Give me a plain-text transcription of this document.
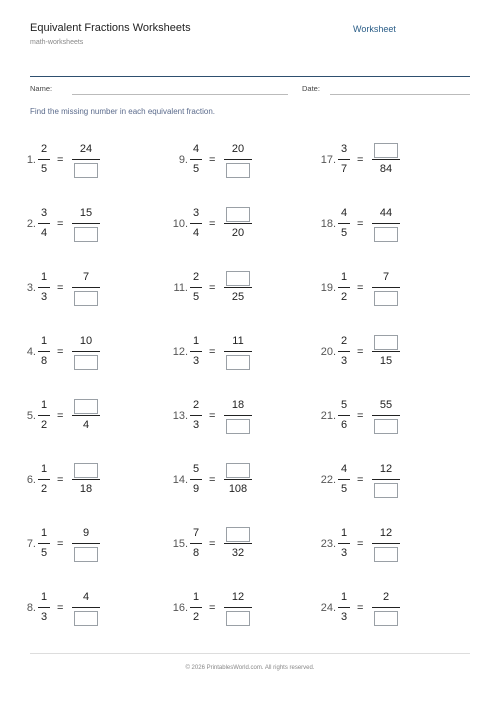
Equivalent Fractions Worksheets
math-worksheets
Worksheet
Name:	Date:
Find the missing number in each equivalent fraction.
1.
2
5
=
24
2.
3
4
=
15
3.
1
3
=
7
4.
1
8
=
10
5.
1
2
=
4
6.
1
2
=
18
7.
1
5
=
9
8.
1
3
=
4
9.
4
5
=
20
10.
3
4
=
20
11.
2
5
=
25
12.
1
3
=
11
13.
2
3
=
18
14.
5
9
=
108
15.
7
8
=
32
16.
1
2
=
12
17.
3
7
=
84
18.
4
5
=
44
19.
1
2
=
7
20.
2
3
=
15
21.
5
6
=
55
22.
4
5
=
12
23.
1
3
=
12
24.
1
3
=
2
© 2026 PrintablesWorld.com. All rights reserved.
